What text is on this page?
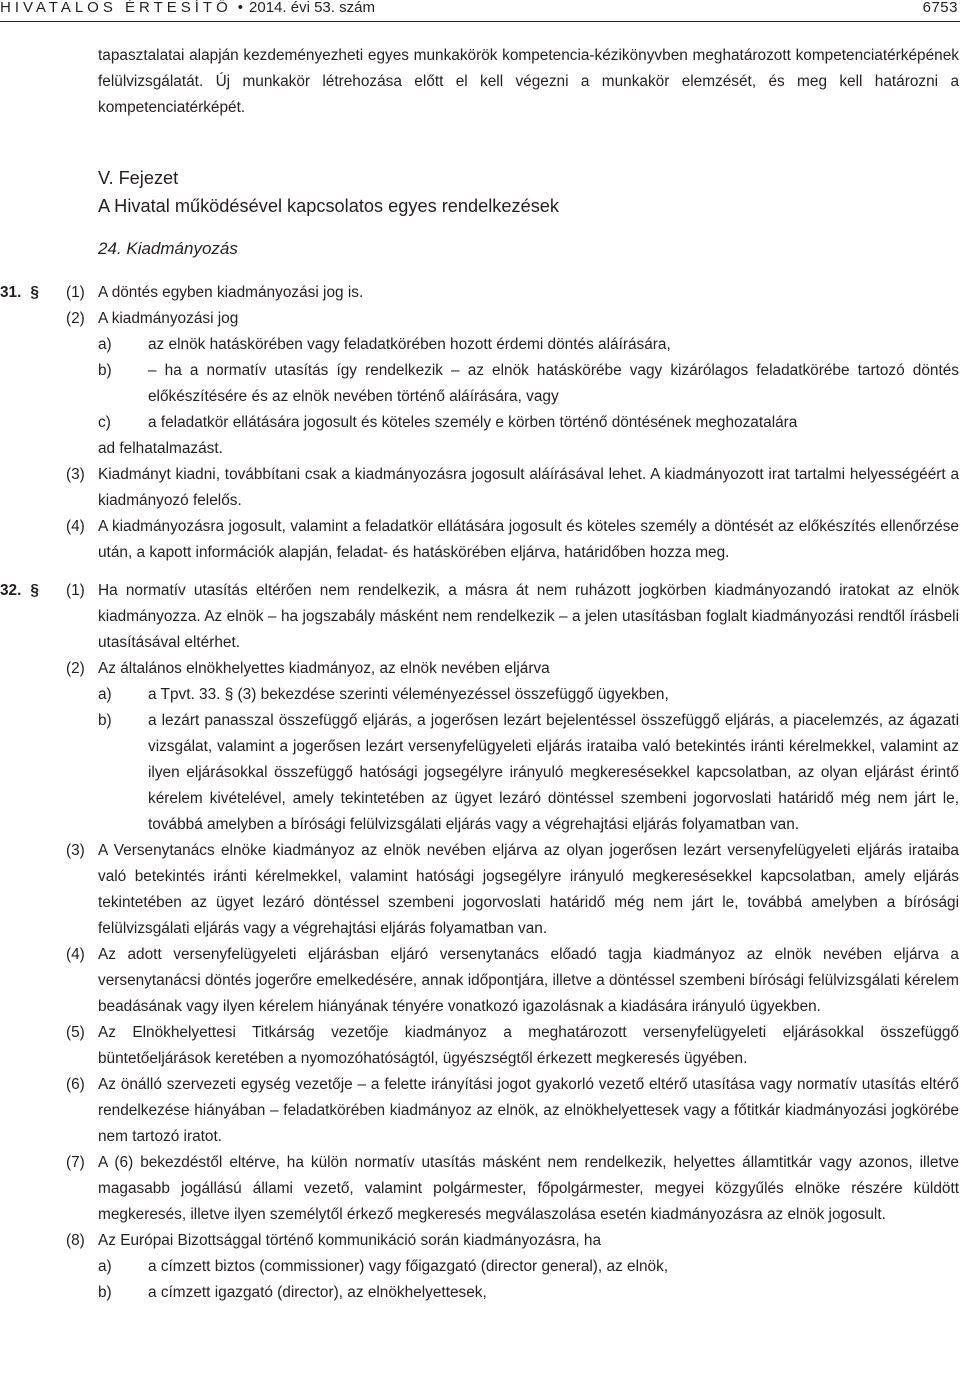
HIVATALOS ÉRTESÍTŐ • 2014. évi 53. szám	6753
tapasztalatai alapján kezdeményezheti egyes munkakörök kompetencia-kézikönyvben meghatározott kompetenciatérképének felülvizsgálatát. Új munkakör létrehozása előtt el kell végezni a munkakör elemzését, és meg kell határozni a kompetenciatérképét.
V. Fejezet
A Hivatal működésével kapcsolatos egyes rendelkezések
24. Kiadmányozás
31. § (1) A döntés egyben kiadmányozási jog is.
(2) A kiadmányozási jog
a) az elnök hatáskörében vagy feladatkörében hozott érdemi döntés aláírására,
b) – ha a normatív utasítás így rendelkezik – az elnök hatáskörébe vagy kizárólagos feladatkörébe tartozó döntés előkészítésére és az elnök nevében történő aláírására, vagy
c) a feladatkör ellátására jogosult és köteles személy e körben történő döntésének meghozatalára
ad felhatalmazást.
(3) Kiadmányt kiadni, továbbítani csak a kiadmányozásra jogosult aláírásával lehet. A kiadmányozott irat tartalmi helyességéért a kiadmányozó felelős.
(4) A kiadmányozásra jogosult, valamint a feladatkör ellátására jogosult és köteles személy a döntését az előkészítés ellenőrzése után, a kapott információk alapján, feladat- és hatáskörében eljárva, határidőben hozza meg.
32. § (1) Ha normatív utasítás eltérően nem rendelkezik, a másra át nem ruházott jogkörben kiadmányozandó iratokat az elnök kiadmányozza. Az elnök – ha jogszabály másként nem rendelkezik – a jelen utasításban foglalt kiadmányozási rendtől írásbeli utasításával eltérhet.
(2) Az általános elnökhelyettes kiadmányoz, az elnök nevében eljárva
a) a Tpvt. 33. § (3) bekezdése szerinti véleményezéssel összefüggő ügyekben,
b) a lezárt panasszal összefüggő eljárás, a jogerősen lezárt bejelentéssel összefüggő eljárás, a piacelemzés, az ágazati vizsgálat, valamint a jogerősen lezárt versenyfelügyeleti eljárás irataiba való betekintés iránti kérelmekkel, valamint az ilyen eljárásokkal összefüggő hatósági jogsegélyre irányuló megkeresésekkel kapcsolatban, az olyan eljárást érintő kérelem kivételével, amely tekintetében az ügyet lezáró döntéssel szembeni jogorvoslati határidő még nem járt le, továbbá amelyben a bírósági felülvizsgálati eljárás vagy a végrehajtási eljárás folyamatban van.
(3) A Versenytanács elnöke kiadmányoz az elnök nevében eljárva az olyan jogerősen lezárt versenyfelügyeleti eljárás irataiba való betekintés iránti kérelmekkel, valamint hatósági jogsegélyre irányuló megkeresésekkel kapcsolatban, amely eljárás tekintetében az ügyet lezáró döntéssel szembeni jogorvoslati határidő még nem járt le, továbbá amelyben a bírósági felülvizsgálati eljárás vagy a végrehajtási eljárás folyamatban van.
(4) Az adott versenyfelügyeleti eljárásban eljáró versenytanács előadó tagja kiadmányoz az elnök nevében eljárva a versenytanácsi döntés jogerőre emelkedésére, annak időpontjára, illetve a döntéssel szembeni bírósági felülvizsgálati kérelem beadásának vagy ilyen kérelem hiányának tényére vonatkozó igazolásnak a kiadására irányuló ügyekben.
(5) Az Elnökhelyettesi Titkárság vezetője kiadmányoz a meghatározott versenyfelügyeleti eljárásokkal összefüggő büntetőeljárások keretében a nyomozóhatóságtól, ügyészségtől érkezett megkeresés ügyében.
(6) Az önálló szervezeti egység vezetője – a felette irányítási jogot gyakorló vezető eltérő utasítása vagy normatív utasítás eltérő rendelkezése hiányában – feladatkörében kiadmányoz az elnök, az elnökhelyettesek vagy a főtitkár kiadmányozási jogkörébe nem tartozó iratot.
(7) A (6) bekezdéstől eltérve, ha külön normatív utasítás másként nem rendelkezik, helyettes államtitkár vagy azonos, illetve magasabb jogállású állami vezető, valamint polgármester, főpolgármester, megyei közgyűlés elnöke részére küldött megkeresés, illetve ilyen személytől érkező megkeresés megválaszolása esetén kiadmányozásra az elnök jogosult.
(8) Az Európai Bizottsággal történő kommunikáció során kiadmányozásra, ha
a) a címzett biztos (commissioner) vagy főigazgató (director general), az elnök,
b) a címzett igazgató (director), az elnökhelyettesek,
